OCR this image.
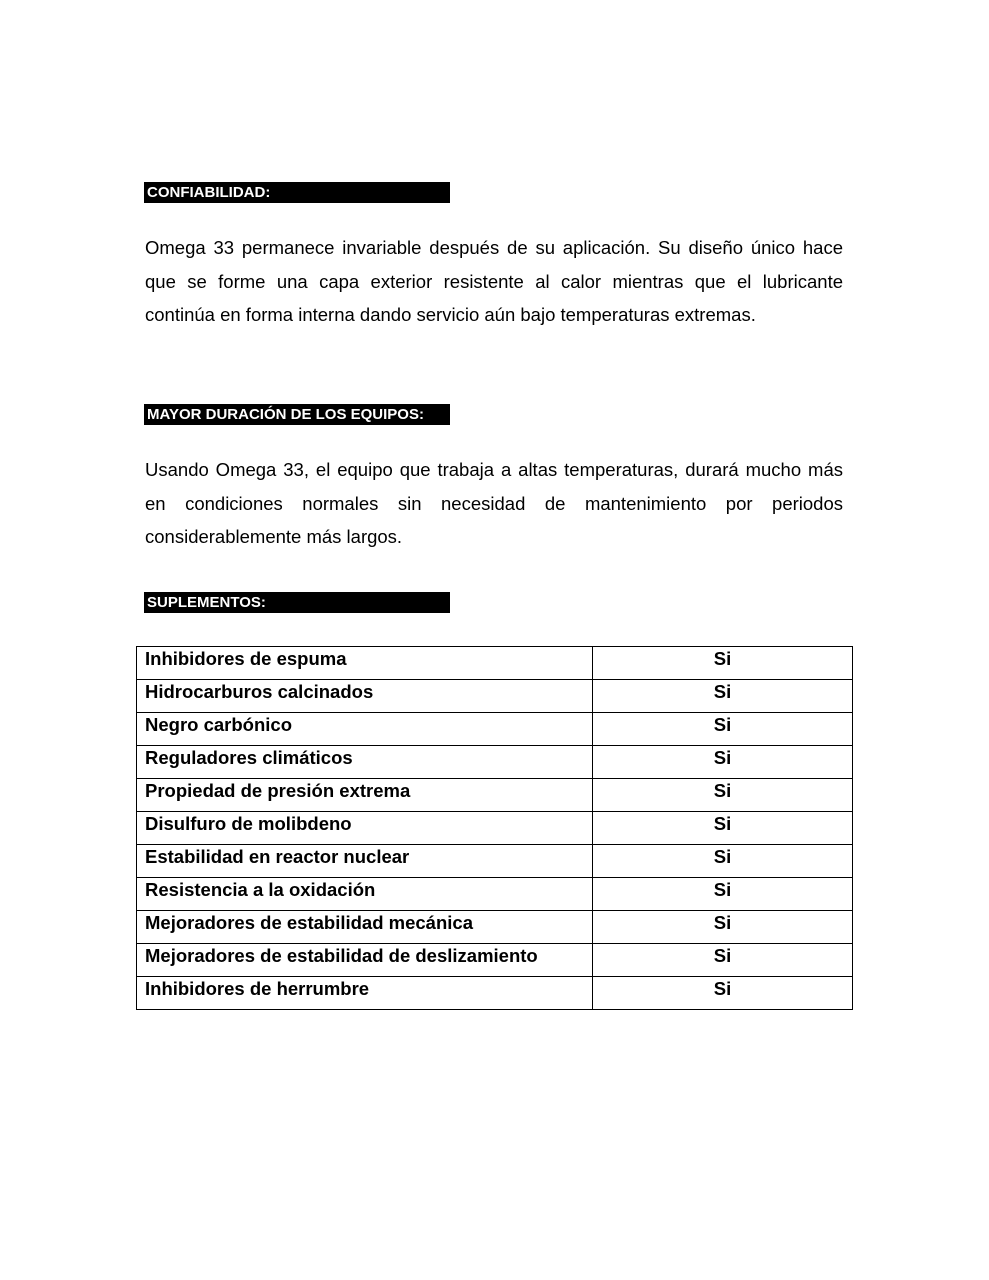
CONFIABILIDAD:

Omega 33 permanece invariable después de su aplicación. Su diseño único hace que se forme una capa exterior resistente al calor mientras que el lubricante continúa en forma interna dando servicio aún bajo temperaturas extremas.

MAYOR DURACIÓN DE LOS EQUIPOS:

Usando Omega 33, el equipo que trabaja a altas temperaturas, durará mucho más en condiciones normales sin necesidad de mantenimiento por periodos considerablemente más largos.

SUPLEMENTOS:
Inhibidores de espuma	Si
Hidrocarburos calcinados	Si
Negro carbónico	Si
Reguladores climáticos	Si
Propiedad de presión extrema	Si
Disulfuro de molibdeno	Si
Estabilidad en reactor nuclear	Si
Resistencia a la oxidación	Si
Mejoradores de estabilidad mecánica	Si
Mejoradores de estabilidad de deslizamiento	Si
Inhibidores de herrumbre	Si
